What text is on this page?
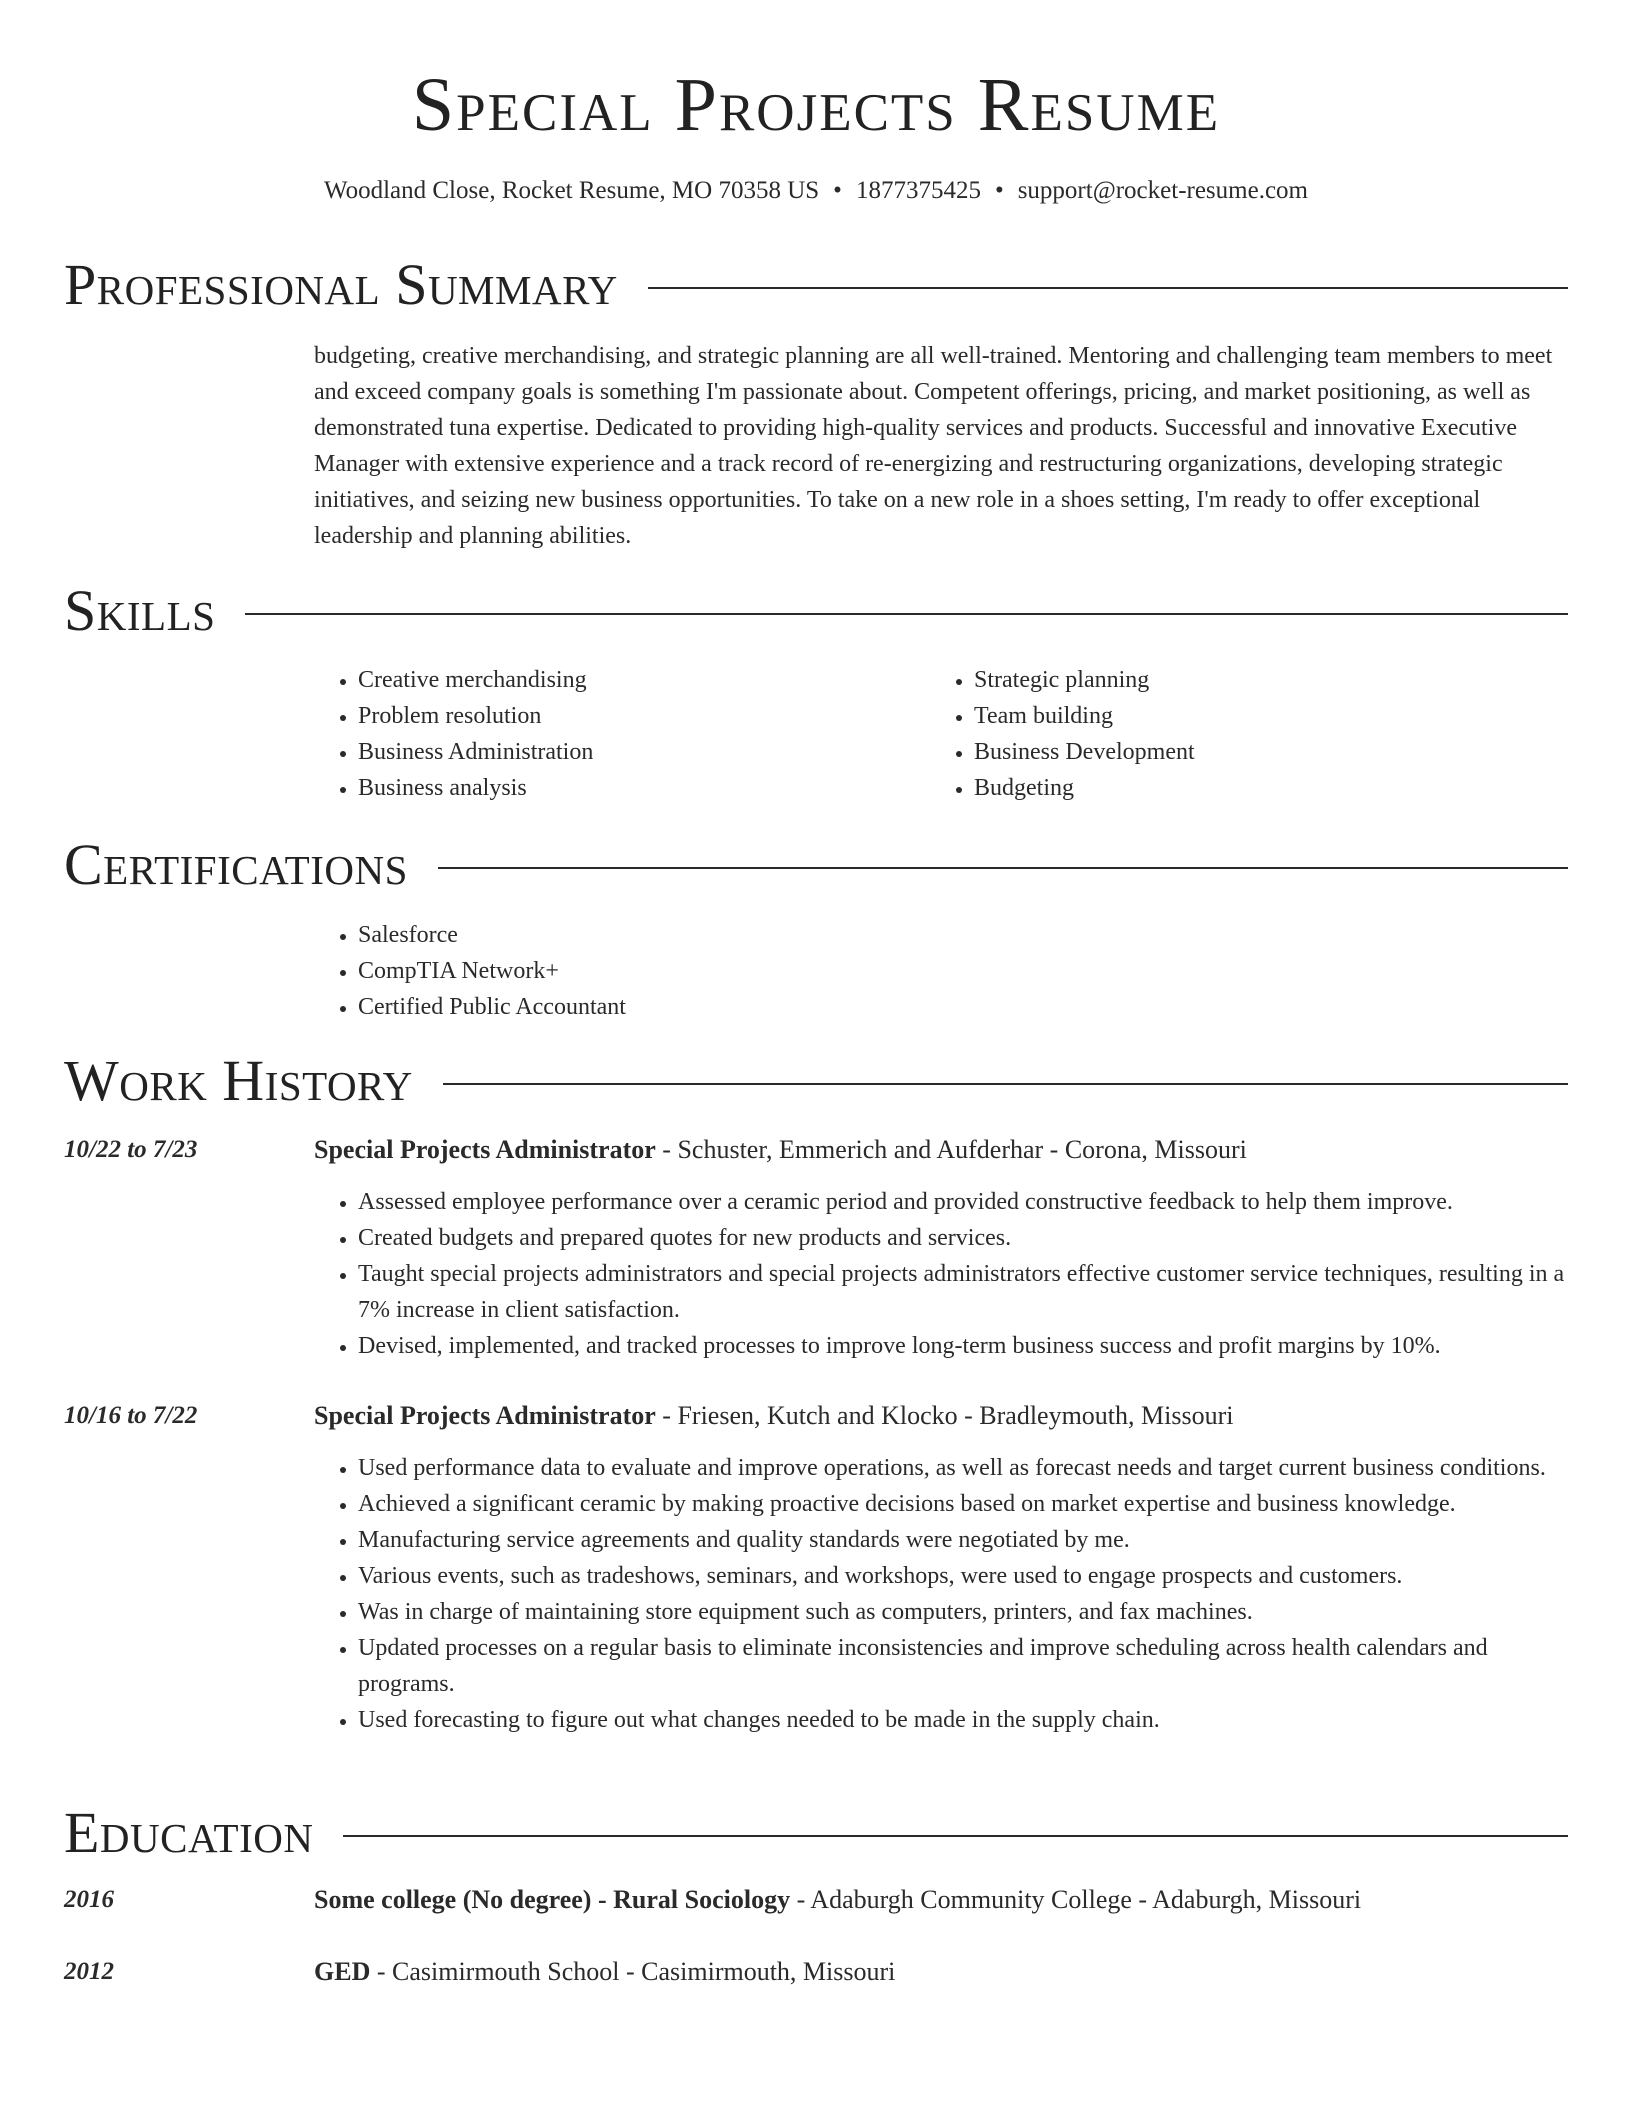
Special Projects Resume
Woodland Close, Rocket Resume, MO 70358 US • 1877375425 • support@rocket-resume.com
Professional Summary
budgeting, creative merchandising, and strategic planning are all well-trained. Mentoring and challenging team members to meet and exceed company goals is something I'm passionate about. Competent offerings, pricing, and market positioning, as well as demonstrated tuna expertise. Dedicated to providing high-quality services and products. Successful and innovative Executive Manager with extensive experience and a track record of re-energizing and restructuring organizations, developing strategic initiatives, and seizing new business opportunities. To take on a new role in a shoes setting, I'm ready to offer exceptional leadership and planning abilities.
Skills
• Creative merchandising
• Problem resolution
• Business Administration
• Business analysis
• Strategic planning
• Team building
• Business Development
• Budgeting
Certifications
• Salesforce
• CompTIA Network+
• Certified Public Accountant
Work History
10/22 to 7/23	Special Projects Administrator - Schuster, Emmerich and Aufderhar - Corona, Missouri
• Assessed employee performance over a ceramic period and provided constructive feedback to help them improve.
• Created budgets and prepared quotes for new products and services.
• Taught special projects administrators and special projects administrators effective customer service techniques, resulting in a 7% increase in client satisfaction.
• Devised, implemented, and tracked processes to improve long-term business success and profit margins by 10%.
10/16 to 7/22	Special Projects Administrator - Friesen, Kutch and Klocko - Bradleymouth, Missouri
• Used performance data to evaluate and improve operations, as well as forecast needs and target current business conditions.
• Achieved a significant ceramic by making proactive decisions based on market expertise and business knowledge.
• Manufacturing service agreements and quality standards were negotiated by me.
• Various events, such as tradeshows, seminars, and workshops, were used to engage prospects and customers.
• Was in charge of maintaining store equipment such as computers, printers, and fax machines.
• Updated processes on a regular basis to eliminate inconsistencies and improve scheduling across health calendars and programs.
• Used forecasting to figure out what changes needed to be made in the supply chain.
Education
2016	Some college (No degree) - Rural Sociology - Adaburgh Community College - Adaburgh, Missouri
2012	GED - Casimirmouth School - Casimirmouth, Missouri
